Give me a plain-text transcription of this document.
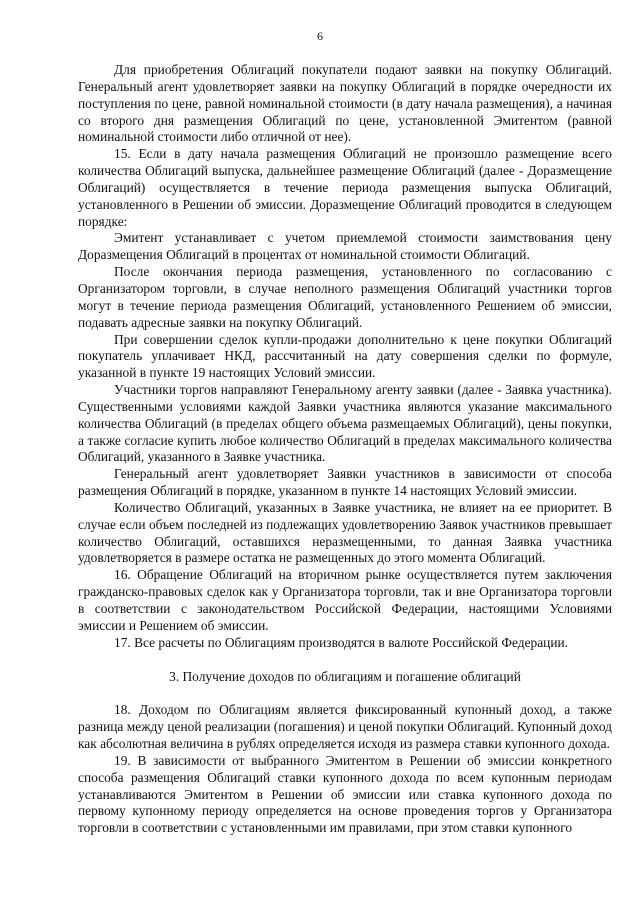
6

Для приобретения Облигаций покупатели подают заявки на покупку Облигаций. Генеральный агент удовлетворяет заявки на покупку Облигаций в порядке очередности их поступления по цене, равной номинальной стоимости (в дату начала размещения), а начиная со второго дня размещения Облигаций по цене, установленной Эмитентом (равной номинальной стоимости либо отличной от нее).

15. Если в дату начала размещения Облигаций не произошло размещение всего количества Облигаций выпуска, дальнейшее размещение Облигаций (далее - Доразмещение Облигаций) осуществляется в течение периода размещения выпуска Облигаций, установленного в Решении об эмиссии. Доразмещение Облигаций проводится в следующем порядке:

Эмитент устанавливает с учетом приемлемой стоимости заимствования цену Доразмещения Облигаций в процентах от номинальной стоимости Облигаций.

После окончания периода размещения, установленного по согласованию с Организатором торговли, в случае неполного размещения Облигаций участники торгов могут в течение периода размещения Облигаций, установленного Решением об эмиссии, подавать адресные заявки на покупку Облигаций.

При совершении сделок купли-продажи дополнительно к цене покупки Облигаций покупатель уплачивает НКД, рассчитанный на дату совершения сделки по формуле, указанной в пункте 19 настоящих Условий эмиссии.

Участники торгов направляют Генеральному агенту заявки (далее - Заявка участника). Существенными условиями каждой Заявки участника являются указание максимального количества Облигаций (в пределах общего объема размещаемых Облигаций), цены покупки, а также согласие купить любое количество Облигаций в пределах максимального количества Облигаций, указанного в Заявке участника.

Генеральный агент удовлетворяет Заявки участников в зависимости от способа размещения Облигаций в порядке, указанном в пункте 14 настоящих Условий эмиссии.

Количество Облигаций, указанных в Заявке участника, не влияет на ее приоритет. В случае если объем последней из подлежащих удовлетворению Заявок участников превышает количество Облигаций, оставшихся неразмещенными, то данная Заявка участника удовлетворяется в размере остатка не размещенных до этого момента Облигаций.

16. Обращение Облигаций на вторичном рынке осуществляется путем заключения гражданско-правовых сделок как у Организатора торговли, так и вне Организатора торговли в соответствии с законодательством Российской Федерации, настоящими Условиями эмиссии и Решением об эмиссии.

17. Все расчеты по Облигациям производятся в валюте Российской Федерации.

3. Получение доходов по облигациям и погашение облигаций

18. Доходом по Облигациям является фиксированный купонный доход, а также разница между ценой реализации (погашения) и ценой покупки Облигаций. Купонный доход как абсолютная величина в рублях определяется исходя из размера ставки купонного дохода.

19. В зависимости от выбранного Эмитентом в Решении об эмиссии конкретного способа размещения Облигаций ставки купонного дохода по всем купонным периодам устанавливаются Эмитентом в Решении об эмиссии или ставка купонного дохода по первому купонному периоду определяется на основе проведения торгов у Организатора торговли в соответствии с установленными им правилами, при этом ставки купонного
